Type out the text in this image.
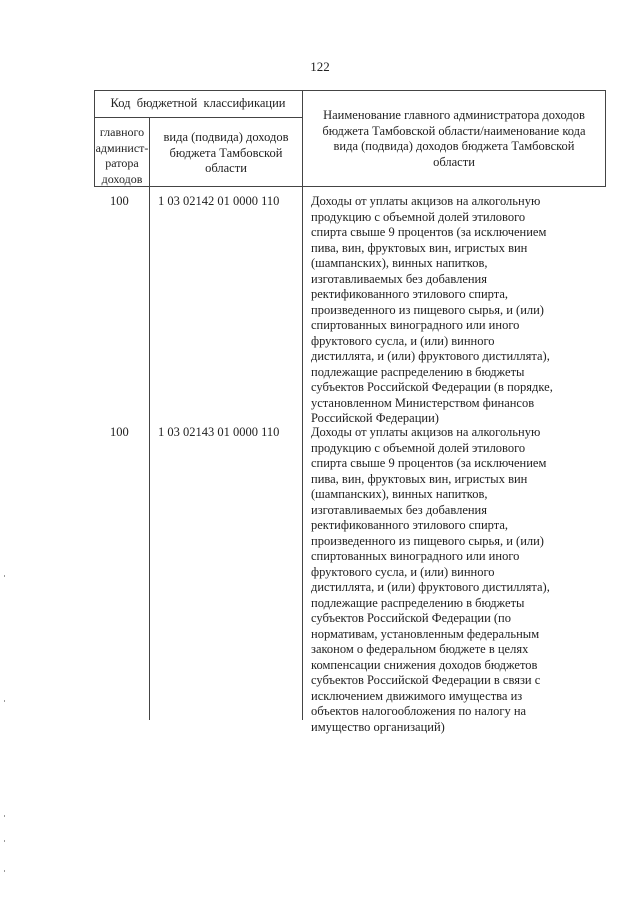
122
Код  бюджетной  классификации
главного админист-ратора доходов
вида (подвида) доходов бюджета Тамбовской области
Наименование главного администратора доходов бюджета Тамбовской области/наименование кода вида (подвида) доходов бюджета Тамбовской области
100 1 03 02142 01 0000 110	Доходы от уплаты акцизов на алкогольную
продукцию с объемной долей этилового
спирта свыше 9 процентов (за исключением
пива, вин, фруктовых вин, игристых вин
(шампанских), винных напитков,
изготавливаемых без добавления
ректификованного этилового спирта,
произведенного из пищевого сырья, и (или)
спиртованных виноградного или иного
фруктового сусла, и (или) винного
дистиллята, и (или) фруктового дистиллята),
подлежащие распределению в бюджеты
субъектов Российской Федерации (в порядке,
установленном Министерством финансов
Российской Федерации)
100 1 03 02143 01 0000 110	Доходы от уплаты акцизов на алкогольную
продукцию с объемной долей этилового
спирта свыше 9 процентов (за исключением
пива, вин, фруктовых вин, игристых вин
(шампанских), винных напитков,
изготавливаемых без добавления
ректификованного этилового спирта,
произведенного из пищевого сырья, и (или)
спиртованных виноградного или иного
фруктового сусла, и (или) винного
дистиллята, и (или) фруктового дистиллята),
подлежащие распределению в бюджеты
субъектов Российской Федерации (по
нормативам, установленным федеральным
законом о федеральном бюджете в целях
компенсации снижения доходов бюджетов
субъектов Российской Федерации в связи с
исключением движимого имущества из
объектов налогообложения по налогу на
имущество организаций)
